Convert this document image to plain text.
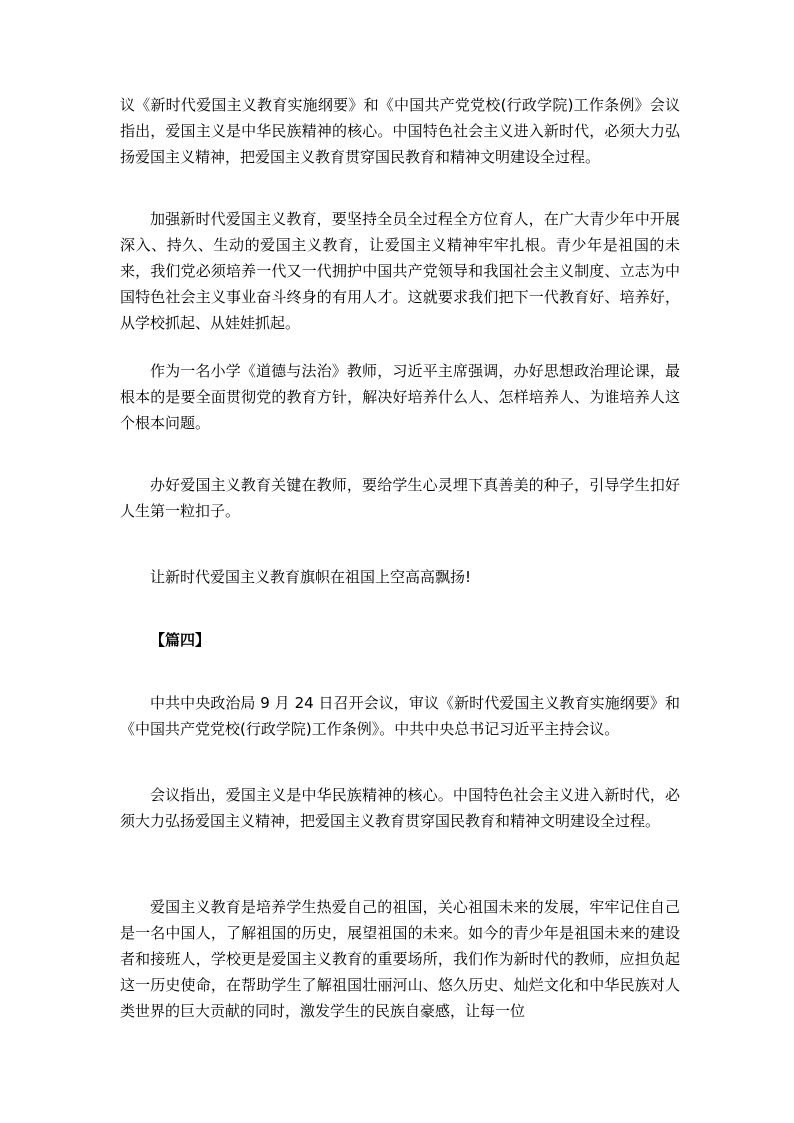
议《新时代爱国主义教育实施纲要》和《中国共产党党校(行政学院)工作条例》会议指出，爱国主义是中华民族精神的核心。中国特色社会主义进入新时代，必须大力弘扬爱国主义精神，把爱国主义教育贯穿国民教育和精神文明建设全过程。

加强新时代爱国主义教育，要坚持全员全过程全方位育人，在广大青少年中开展深入、持久、生动的爱国主义教育，让爱国主义精神牢牢扎根。青少年是祖国的未来，我们党必须培养一代又一代拥护中国共产党领导和我国社会主义制度、立志为中国特色社会主义事业奋斗终身的有用人才。这就要求我们把下一代教育好、培养好，从学校抓起、从娃娃抓起。

作为一名小学《道德与法治》教师，习近平主席强调，办好思想政治理论课，最根本的是要全面贯彻党的教育方针，解决好培养什么人、怎样培养人、为谁培养人这个根本问题。

办好爱国主义教育关键在教师，要给学生心灵埋下真善美的种子，引导学生扣好人生第一粒扣子。

让新时代爱国主义教育旗帜在祖国上空高高飘扬!

【篇四】

中共中央政治局 9 月 24 日召开会议，审议《新时代爱国主义教育实施纲要》和《中国共产党党校(行政学院)工作条例》。中共中央总书记习近平主持会议。

会议指出，爱国主义是中华民族精神的核心。中国特色社会主义进入新时代，必须大力弘扬爱国主义精神，把爱国主义教育贯穿国民教育和精神文明建设全过程。

爱国主义教育是培养学生热爱自己的祖国，关心祖国未来的发展，牢牢记住自己是一名中国人，了解祖国的历史，展望祖国的未来。如今的青少年是祖国未来的建设者和接班人，学校更是爱国主义教育的重要场所，我们作为新时代的教师，应担负起这一历史使命，在帮助学生了解祖国壮丽河山、悠久历史、灿烂文化和中华民族对人类世界的巨大贡献的同时，激发学生的民族自豪感，让每一位
